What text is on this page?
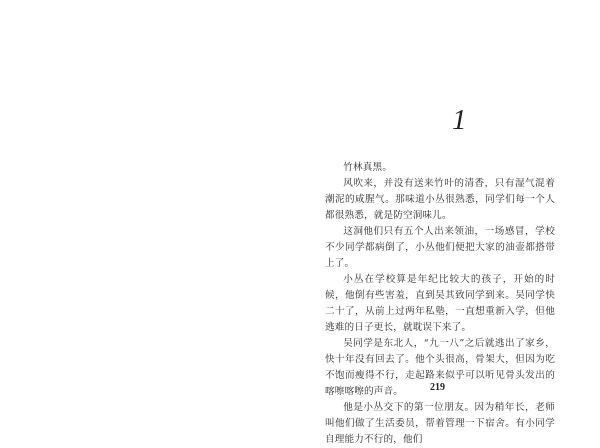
1

竹林真黑。

风吹来，并没有送来竹叶的清香，只有湿气混着潮泥的咸腥气。那味道小丛很熟悉，同学们每一个人都很熟悉，就是防空洞味儿。

这洞他们只有五个人出来领油，一场感冒，学校不少同学都病倒了，小丛他们便把大家的油壶都搭带上了。

小丛在学校算是年纪比较大的孩子，开始的时候，他倒有些害羞，直到吴其致同学到来。吴同学快二十了，从前上过两年私塾，一直想重新入学，但他逃难的日子更长，就耽误下来了。

吴同学是东北人，“九一八”之后就逃出了家乡，快十年没有回去了。他个头很高，骨架大，但因为吃不饱而瘦得不行，走起路来似乎可以听见骨头发出的喀嚓喀嚓的声音。

他是小丛交下的第一位朋友。因为稍年长，老师叫他们做了生活委员，帮着管理一下宿舍。有小同学自理能力不行的，他们

219
